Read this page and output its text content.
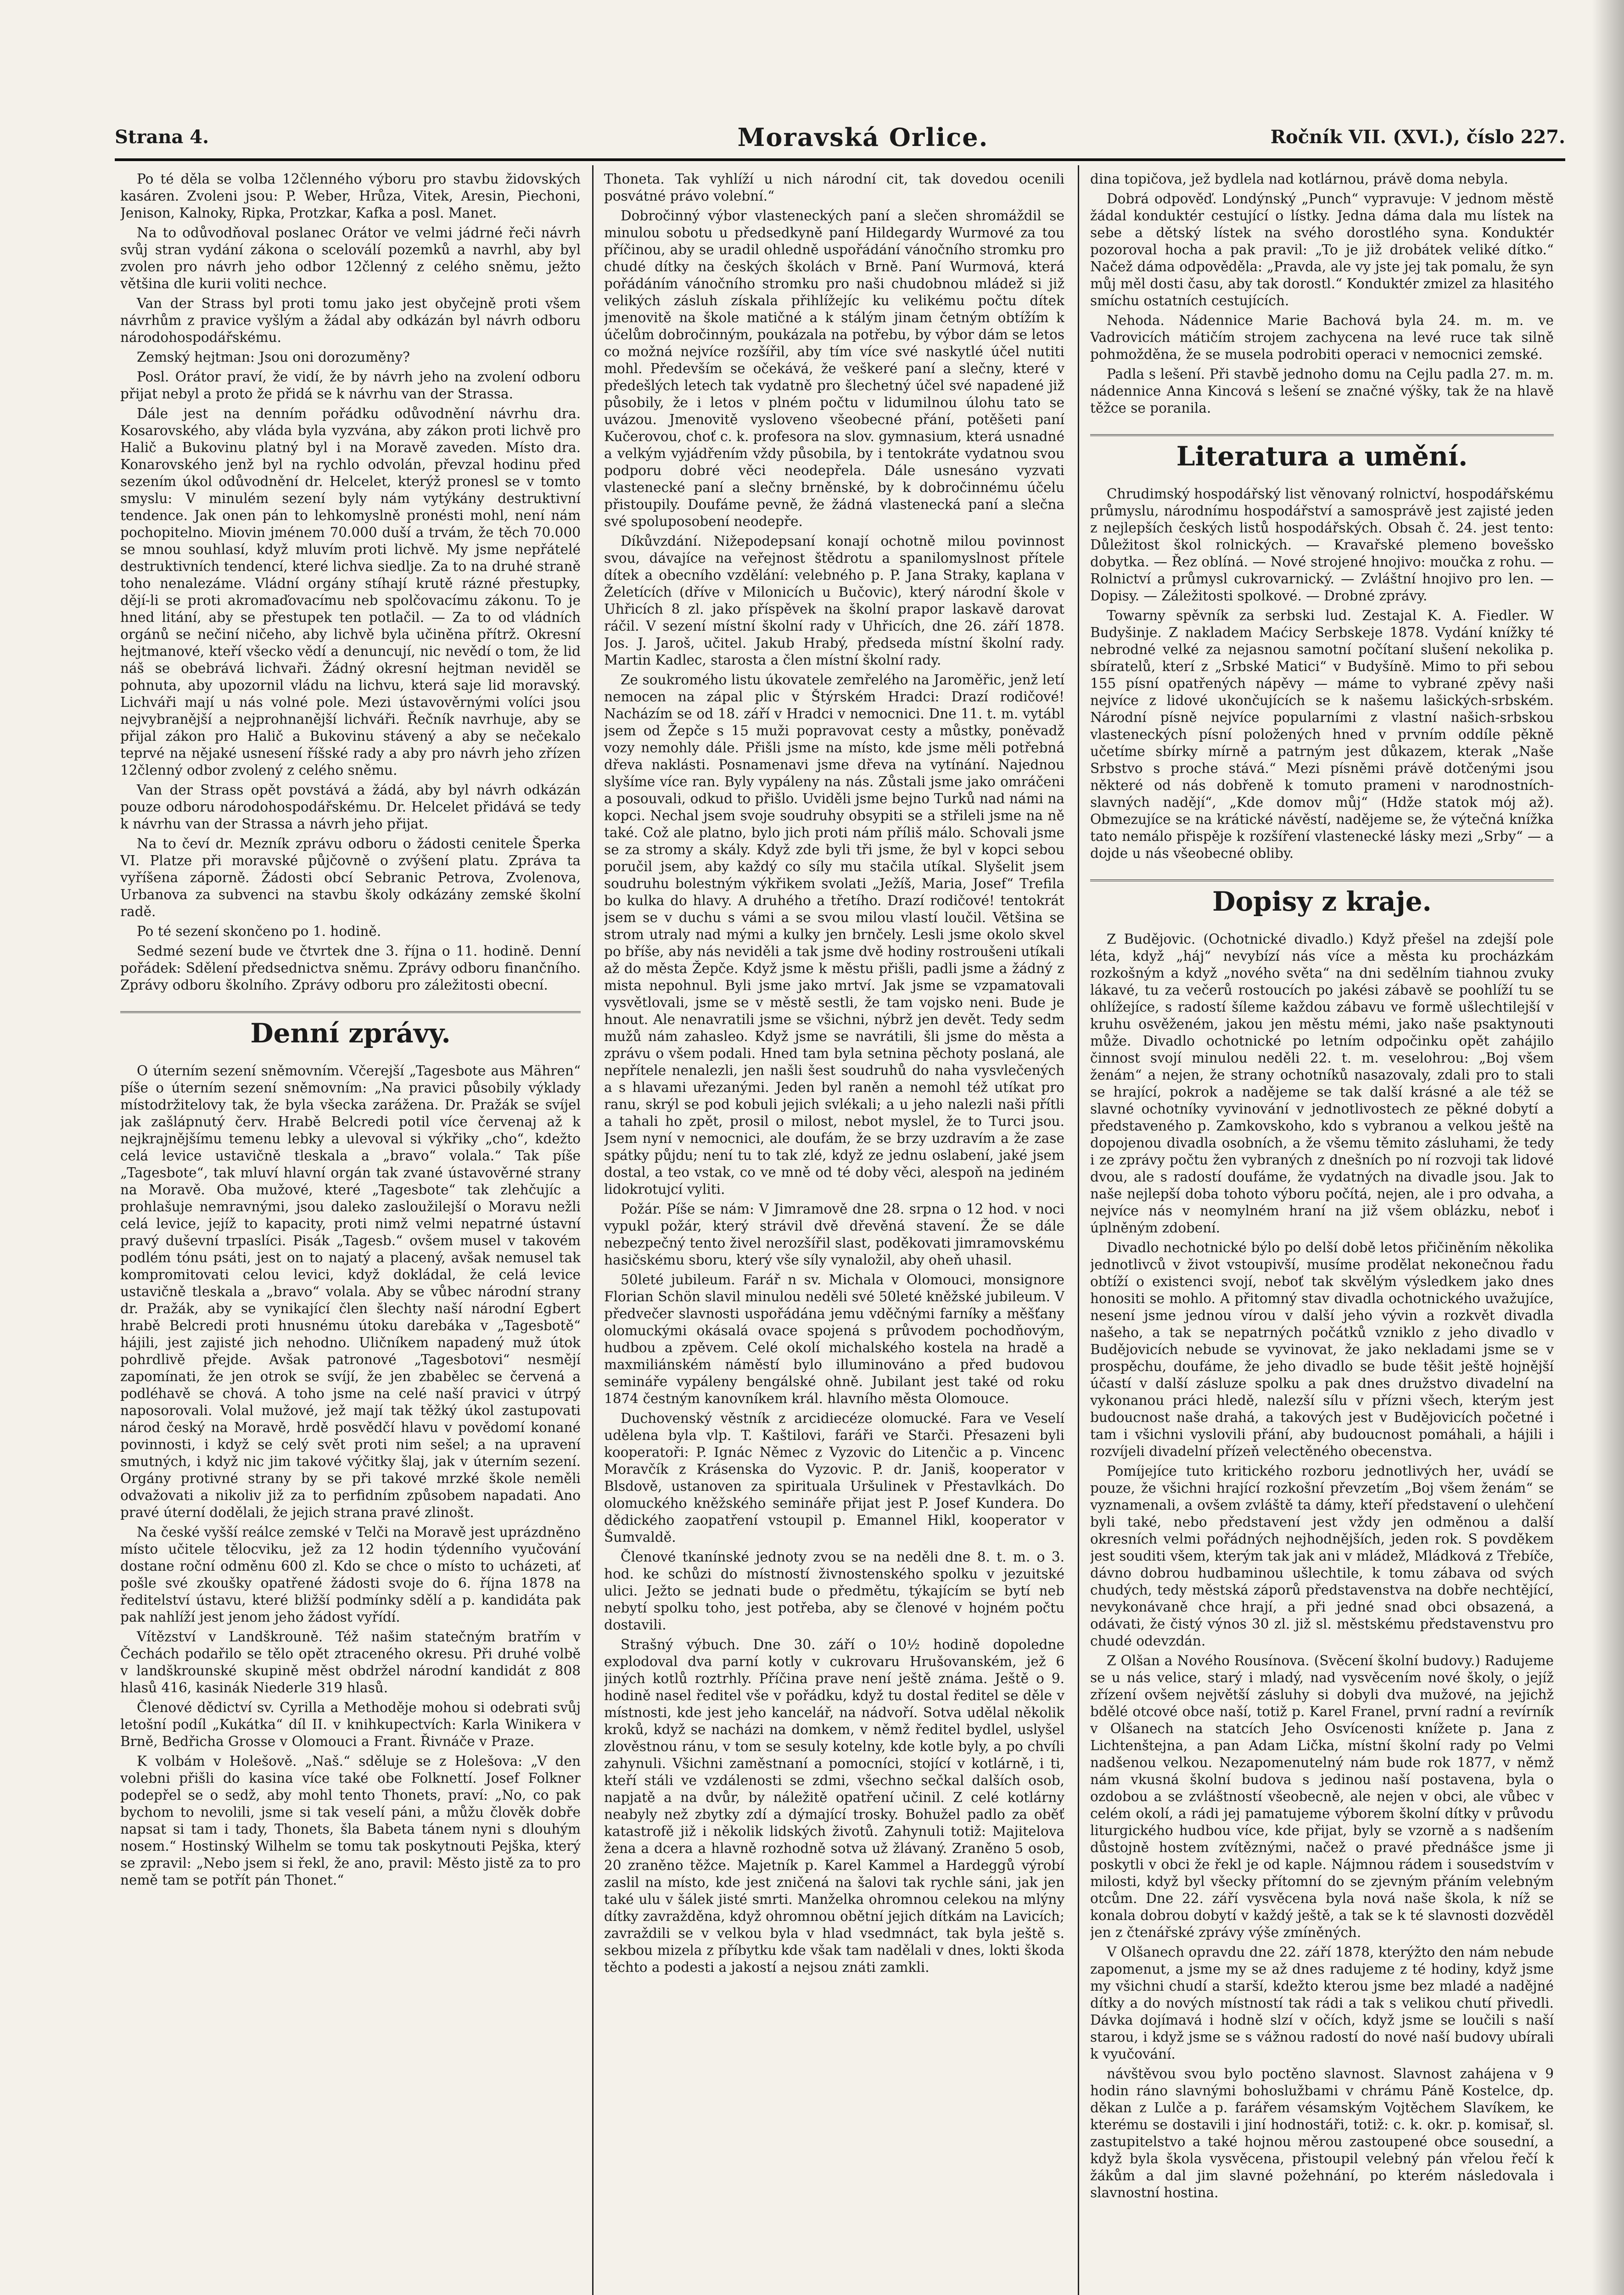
Strana 4.	Moravská Orlice.	Ročník VII. (XVI.), číslo 227.

Po té děla se volba 12členného výboru pro stavbu židovských kasáren. Zvoleni jsou: P. Weber, Hrůza, Vitek, Aresin, Piechoni, Jenison, Kalnoky, Ripka, Protzkar, Kafka a posl. Manet.

Na to odůvodňoval poslanec Orátor ve velmi jádrné řeči návrh svůj stran vydání zákona o sceloválí pozemků a navrhl, aby byl zvolen pro návrh jeho odbor 12členný z celého sněmu, ježto většina dle kurii voliti nechce.

Van der Strass byl proti tomu jako jest obyčejně proti všem návrhům z pravice vyšlým a žádal aby odkázán byl návrh odboru národohospodářskému.

Zemský hejtman: Jsou oni dorozuměny?

Posl. Orátor praví, že vidí, že by návrh jeho na zvolení odboru přijat nebyl a proto že přidá se k návrhu van der Strassa.

Dále jest na denním pořádku odůvodnění návrhu dra. Kosarovského, aby vláda byla vyzvána, aby zákon proti lichvě pro Halič a Bukovinu platný byl i na Moravě zaveden. Místo dra. Konarovského jenž byl na rychlo odvolán, převzal hodinu před sezením úkol odůvodnění dr. Helcelet, kterýž pronesl se v tomto smyslu: V minulém sezení byly nám vytýkány destruktivní tendence. Jak onen pán to lehkomyslně pronésti mohl, není nám pochopitelno. Miovin jménem 70.000 duší a trvám, že těch 70.000 se mnou souhlasí, když mluvím proti lichvě. My jsme nepřátelé destruktivních tendencí, které lichva siedlje. Za to na druhé straně toho nenalezáme. Vládní orgány stíhají krutě rázné přestupky, dějí-li se proti akromaďovacímu neb spolčovacímu zákonu. To je hned litání, aby se přestupek ten potlačil. — Za to od vládních orgánů se nečiní ničeho, aby lichvě byla učiněna přítrž. Okresní hejtmanové, kteří všecko vědí a denuncují, nic nevědí o tom, že lid náš se obebrává lichvaři. Žádný okresní hejtman neviděl se pohnuta, aby upozornil vládu na lichvu, která saje lid moravský. Lichváři mají u nás volné pole. Mezi ústavověrnými volíci jsou nejvybranější a nejprohnanější lichváři. Řečník navrhuje, aby se přijal zákon pro Halič a Bukovinu stávený a aby se nečekalo teprvé na nějaké usnesení říšské rady a aby pro návrh jeho zřízen 12členný odbor zvolený z celého sněmu.

Van der Strass opět povstává a žádá, aby byl návrh odkázán pouze odboru národohospodářskému. Dr. Helcelet přidává se tedy k návrhu van der Strassa a návrh jeho přijat.

Na to čeví dr. Mezník zprávu odboru o žádosti cenitele Šperka VI. Platze při moravské půjčovně o zvýšení platu. Zpráva ta vyříšena záporně. Žádosti obcí Sebranic Petrova, Zvolenova, Urbanova za subvenci na stavbu školy odkázány zemské školní radě.

Po té sezení skončeno po 1. hodině.

Sedmé sezení bude ve čtvrtek dne 3. října o 11. hodině. Denní pořádek: Sdělení předsednictva sněmu. Zprávy odboru finančního. Zprávy odboru školního. Zprávy odboru pro záležitosti obecní.

Denní zprávy.

O úterním sezení sněmovním. Včerejší „Tagesbote aus Mähren“ píše o úterním sezení sněmovním: „Na pravici působily výklady místodržitelovy tak, že byla všecka zarážena. Dr. Pražák se svíjel jak zašlápnutý červ. Hrabě Belcredi potil více červenaj až k nejkrajnějšímu temenu lebky a ulevoval si výkřiky „cho“, kdežto celá levice ustavičně tleskala a „bravo“ volala.“ Tak píše „Tagesbote“, tak mluví hlavní orgán tak zvané ústavověrné strany na Moravě. Oba mužové, které „Tagesbote“ tak zlehčujíc a prohlašuje nemravnými, jsou daleko zasloužilejší o Moravu nežli celá levice, jejíž to kapacity, proti nimž velmi nepatrné ústavní pravý duševní trpaslíci. Pisák „Tagesb.“ ovšem musel v takovém podlém tónu psáti, jest on to najatý a placený, avšak nemusel tak kompromitovati celou levici, když dokládal, že celá levice ustavičně tleskala a „bravo“ volala. Aby se vůbec národní strany dr. Pražák, aby se vynikající člen šlechty naší národní Egbert hrabě Belcredi proti hnusnému útoku darebáka v „Tagesbotě“ hájili, jest zajisté jich nehodno. Uličníkem napadený muž útok pohrdlivě přejde. Avšak patronové „Tagesbotovi“ nesmějí zapomínati, že jen otrok se svíjí, že jen zbabělec se červená a podléhavě se chová. A toho jsme na celé naší pravici v útrpý naposorovali. Volal mužové, jež mají tak těžký úkol zastupovati národ český na Moravě, hrdě posvědčí hlavu v povědomí konané povinnosti, i když se celý svět proti nim sešel; a na upravení smutných, i když nic jim takové výčitky šlaj, jak v úterním sezení. Orgány protivné strany by se při takové mrzké škole neměli odvažovati a nikoliv již za to perfidním způsobem napadati. Ano pravé úterní dodělali, že jejich strana pravé zlinošt.

Na české vyšší reálce zemské v Telči na Moravě jest uprázdněno místo učitele tělocviku, jež za 12 hodin týdenního vyučování dostane roční odměnu 600 zl. Kdo se chce o místo to ucházeti, ať pošle své zkoušky opatřené žádosti svoje do 6. října 1878 na ředitelství ústavu, které bližší podmínky sdělí a p. kandidáta pak pak nahlíží jest jenom jeho žádost vyřídí.

Vítězství v Landškrouně. Též našim statečným bratřím v Čechách podařilo se tělo opět ztraceného okresu. Při druhé volbě v landškrounské skupině měst obdržel národní kandidát z 808 hlasů 416, kasinák Niederle 319 hlasů.

Členové dědictví sv. Cyrilla a Methoděje mohou si odebrati svůj letošní podíl „Kukátka“ díl II. v knihkupectvích: Karla Winikera v Brně, Bedřicha Grosse v Olomouci a Frant. Řivnáče v Praze.

K volbám v Holešově. „Naš.“ sděluje se z Holešova: „V den volebni přišli do kasina více také obe Folknettí. Josef Folkner podepřel se o sedž, aby mohl tento Thonets, praví: „No, co pak bychom to nevolili, jsme si tak veselí páni, a můžu člověk dobře napsat si tam i tady, Thonets, šla Babeta tánem nyni s dlouhým nosem.“ Hostinský Wilhelm se tomu tak poskytnouti Pejška, který se zpravil: „Nebo jsem si řekl, že ano, pravil: Město jistě za to pro nemě tam se potřít pán Thonet.“

Thoneta. Tak vyhlíží u nich národní cit, tak dovedou ocenili posvátné právo volební.“

Dobročinný výbor vlasteneckých paní a slečen shromáždil se minulou sobotu u předsedkyně paní Hildegardy Wurmové za tou příčinou, aby se uradil ohledně uspořádání vánočního stromku pro chudé dítky na českých školách v Brně. Paní Wurmová, která pořádáním vánočního stromku pro naši chudobnou mládež si již velikých zásluh získala přihlížejíc ku velikému počtu dítek jmenovitě na škole matičné a k stálým jinam četným obtížím k účelům dobročinným, poukázala na potřebu, by výbor dám se letos co možná nejvíce rozšířil, aby tím více své naskytlé účel nutiti mohl. Především se očekává, že veškeré paní a slečny, které v předešlých letech tak vydatně pro šlechetný účel své napadené již působily, že i letos v plném počtu v lidumilnou úlohu tato se uvázou. Jmenovitě vysloveno všeobecné přání, potěšeti paní Kučerovou, choť c. k. profesora na slov. gymnasium, která usnadné a velkým vyjádřením vždy působila, by i tentokráte vydatnou svou podporu dobré věci neodepřela. Dále usnesáno vyzvati vlastenecké paní a slečny brněnské, by k dobročinnému účelu přistoupily. Doufáme pevně, že žádná vlastenecká paní a slečna své spoluposobení neodepře.

Díkůvzdání. Nižepodepsaní konají ochotně milou povinnost svou, dávajíce na veřejnost štědrotu a spanilomyslnost přítele dítek a obecního vzdělání: velebného p. P. Jana Straky, kaplana v Želetících (dříve v Milonicích u Bučovic), který národní škole v Uhřicích 8 zl. jako příspěvek na školní prapor laskavě darovat ráčil. V sezení místní školní rady v Uhřicích, dne 26. září 1878. Jos. J. Jaroš, učitel. Jakub Hrabý, předseda místní školní rady. Martin Kadlec, starosta a člen místní školní rady.

Ze soukromého listu úkovatele zemřelého na Jaroměřic, jenž letí nemocen na zápal plic v Štýrském Hradci: Drazí rodičové! Nacházím se od 18. září v Hradci v nemocnici. Dne 11. t. m. vytábl jsem od Žepče s 15 muži popravovat cesty a můstky, poněvadž vozy nemohly dále. Přišli jsme na místo, kde jsme měli potřebná dřeva naklásti. Posnamenavi jsme dřeva na vytínání. Najednou slyšíme více ran. Byly vypáleny na nás. Zůstali jsme jako omráčeni a posouvali, odkud to přišlo. Uviděli jsme bejno Turků nad námi na kopci. Nechal jsem svoje soudruhy obsypiti se a střileli jsme na ně také. Což ale platno, bylo jich proti nám příliš málo. Schovali jsme se za stromy a skály. Když zde byli tři jsme, že byl v kopci sebou poručil jsem, aby každý co síly mu stačila utíkal. Slyšelit jsem soudruhu bolestným výkřikem svolati „Ježíš, Maria, Josef“ Trefila bo kulka do hlavy. A druhého a třetího. Drazí rodičové! tentokrát jsem se v duchu s vámi a se svou milou vlastí loučil. Většina se strom utraly nad mými a kulky jen brnčely. Lesli jsme okolo skvel po bříše, aby nás neviděli a tak jsme dvě hodiny rostroušeni utíkali až do města Žepče. Když jsme k městu přišli, padli jsme a žádný z mista nepohnul. Byli jsme jako mrtví. Jak jsme se vzpamatovali vysvětlovali, jsme se v městě sestli, že tam vojsko neni. Bude je hnout. Ale nenavratili jsme se všichni, nýbrž jen devět. Tedy sedm mužů nám zahasleo. Když jsme se navrátili, šli jsme do města a zprávu o všem podali. Hned tam byla setnina pěchoty poslaná, ale nepřítele nenalezli, jen našli šest soudruhů do naha vysvlečených a s hlavami uřezanými. Jeden byl raněn a nemohl též utíkat pro ranu, skrýl se pod kobuli jejich svlékali; a u jeho nalezli naši přítli a tahali ho zpět, prosil o milost, nebot myslel, že to Turci jsou. Jsem nyní v nemocnici, ale doufám, že se brzy uzdravím a že zase spátky půjdu; není tu to tak zlé, když ze jednu oslabení, jaké jsem dostal, a teo vstak, co ve mně od té doby věci, alespoň na jediném lidokrotujcí vyliti.

Požár. Píše se nám: V Jimramově dne 28. srpna o 12 hod. v noci vypukl požár, který strávil dvě dřevěná stavení. Že se dále nebezpečný tento živel nerozšířil slast, poděkovati jimramovskému hasičskému sboru, který vše síly vynaložil, aby oheň uhasil.

50leté jubileum. Farář n sv. Michala v Olomouci, monsignore Florian Schön slavil minulou neděli své 50leté kněžské jubileum. V předvečer slavnosti uspořádána jemu vděčnými farníky a měšťany olomuckými okásalá ovace spojená s průvodem pochodňovým, hudbou a zpěvem. Celé okolí michalského kostela na hradě a maxmiliánském náměstí bylo illuminováno a před budovou semináře vypáleny bengálské ohně. Jubilant jest také od roku 1874 čestným kanovníkem král. hlavního města Olomouce.

Duchovenský věstník z arcidiecéze olomucké. Fara ve Veselí udělena byla vlp. T. Kaštilovi, faráři ve Starči. Přesazeni byli kooperatoři: P. Ignác Němec z Vyzovic do Litenčic a p. Vincenc Moravčík z Krásenska do Vyzovic. P. dr. Janiš, kooperator v Blsdově, ustanoven za spirituala Uršulinek v Přestavlkách. Do olomuckého kněžského semináře přijat jest P. Josef Kundera. Do dědického zaopatření vstoupil p. Emannel Hikl, kooperator v Šumvaldě.

Členové tkanínské jednoty zvou se na neděli dne 8. t. m. o 3. hod. ke schůzi do místností živnostenského spolku v jezuitské ulici. Ježto se jednati bude o předmětu, týkajícím se bytí neb nebytí spolku toho, jest potřeba, aby se členové v hojném počtu dostavili.

Strašný výbuch. Dne 30. září o 10½ hodině dopoledne explodoval dva parní kotly v cukrovaru Hrušovanském, jež 6 jiných kotlů roztrhly. Příčina prave není ještě známa. Ještě o 9. hodině nasel ředitel vše v pořádku, když tu dostal ředitel se děle v místnosti, kde jest jeho kancelář, na nádvoří. Sotva udělal několik kroků, když se nacházi na domkem, v němž ředitel bydlel, uslyšel zlověstnou ránu, v tom se sesuly kotelny, kde kotle byly, a po chvíli zahynuli. Všichni zaměstnaní a pomocníci, stojící v kotlárně, i ti, kteří stáli ve vzdálenosti se zdmi, všechno sečkal dalších osob, napjatě a na dvůr, by náležitě opatření učinil. Z celé kotlárny neabyly než zbytky zdí a dýmající trosky. Bohužel padlo za oběť katastrofě již i několik lidských životů. Zahynuli totiž: Majitelova žena a dcera a hlavně rozhodně sotva už žlávaný. Zraněno 5 osob, 20 zraněno těžce. Majetník p. Karel Kammel a Hardeggů výrobí zaslil na místo, kde jest zničená na šalovi tak rychle sáni, jak jen také ulu v šálek jisté smrti. Manželka ohromnou celekou na mlýny dítky zavražděna, když ohromnou obětní jejich dítkám na Lavicích; zavraždili se v velkou byla v hlad vsedmnáct, tak byla ještě s. sekbou mizela z příbytku kde však tam nadělali v dnes, lokti škoda těchto a podesti a jakostí a nejsou znáti zamkli.

dina topičova, jež bydlela nad kotlárnou, právě doma nebyla.

Dobrá odpověď. Londýnský „Punch“ vypravuje: V jednom městě žádal konduktér cestující o lístky. Jedna dáma dala mu lístek na sebe a dětský lístek na svého dorostlého syna. Konduktér pozoroval hocha a pak pravil: „To je již drobátek veliké dítko.“ Načež dáma odpověděla: „Pravda, ale vy jste jej tak pomalu, že syn můj měl dosti času, aby tak dorostl.“ Konduktér zmizel za hlasitého smíchu ostatních cestujících.

Nehoda. Nádennice Marie Bachová byla 24. m. m. ve Vadrovicích mátičím strojem zachycena na levé ruce tak silně pohmožděna, že se musela podrobiti operaci v nemocnici zemské.

Padla s lešení. Při stavbě jednoho domu na Cejlu padla 27. m. m. nádennice Anna Kincová s lešení se značné výšky, tak že na hlavě těžce se poranila.

Literatura a umění.

Chrudimský hospodářský list věnovaný rolnictví, hospodářskému průmyslu, národnímu hospodářství a samosprávě jest zajisté jeden z nejlepších českých listů hospodářských. Obsah č. 24. jest tento: Důležitost škol rolnických. — Kravařské plemeno bovešsko dobytka. — Řez oblíná. — Nové strojené hnojivo: moučka z rohu. — Rolnictví a průmysl cukrovarnický. — Zvláštní hnojivo pro len. — Dopisy. — Záležitosti spolkové. — Drobné zprávy.

Towarny spěvník za serbski lud. Zestajal K. A. Fiedler. W Budyšinje. Z nakladem Maćicy Serbskeje 1878. Vydání knížky té nebrodné velké za nejasnou samotní počítaní slušení nekolika p. sbíratelů, kterí z „Srbské Matici“ v Budyšíně. Mimo to při sebou 155 písní opatřených nápěvy — máme to vybrané zpěvy naši nejvíce z lidové ukončujících se k našemu lašických-srbském. Národní písně nejvíce popularními z vlastní našich-srbskou vlasteneckých písní položených hned v prvním oddíle pěkně učetíme sbírky mírně a patrným jest důkazem, kterak „Naše Srbstvo s proche stává.“ Mezi písněmi právě dotčenými jsou některé od nás dobřeně k tomuto prameni v narodnostních-slavných nadějí“, „Kde domov můj“ (Hdže statok mój až). Obmezujíce se na krátické návěstí, nadějeme se, že výtečná knížka tato nemálo přispěje k rozšíření vlastenecké lásky mezi „Srby“ — a dojde u nás všeobecné obliby.

Dopisy z kraje.

Z Budějovic. (Ochotnické divadlo.) Když přešel na zdejší pole léta, když „háj“ nevybízí nás více a města ku procházkám rozkošným a když „nového světa“ na dni sedělním tiahnou zvuky lákavé, tu za večerů rostoucích po jakési zábavě se poohlíží tu se ohlížejíce, s radostí šíleme každou zábavu ve formě ušlechtilejší v kruhu osvěženém, jakou jen městu mémi, jako naše psaktynouti může. Divadlo ochotnické po letním odpočinku opět zahájilo činnost svojí minulou neděli 22. t. m. veselohrou: „Boj všem ženám“ a nejen, že strany ochotníků nasazovaly, zdali pro to stali se hrající, pokrok a nadějeme se tak další krásné a ale též se slavné ochotníky vyvinování v jednotlivostech ze pěkné dobytí a představeného p. Zamkovskoho, kdo s vybranou a velkou ještě na dopojenou divadla osobních, a že všemu těmito zásluhami, že tedy i ze zprávy počtu žen vybraných z dnešních po ní rozvoji tak lidové dvou, ale s radostí doufáme, že vydatných na divadle jsou. Jak to naše nejlepší doba tohoto výboru počítá, nejen, ale i pro odvaha, a nejvíce nás v neomylném hraní na již všem oblázku, neboť i úplněným zdobení.

Divadlo nechotnické býlo po delší době letos přičiněním několika jednotlivců v život vstoupivší, musíme prodělat nekonečnou řadu obtíží o existenci svojí, neboť tak skvělým výsledkem jako dnes honositi se mohlo. A přitomný stav divadla ochotnického uvažujíce, nesení jsme jednou vírou v další jeho vývin a rozkvět divadla našeho, a tak se nepatrných počátků vzniklo z jeho divadlo v Budějovicích nebude se vyvinovat, že jako nekladami jsme se v prospěchu, doufáme, že jeho divadlo se bude těšit ještě hojnější účastí v další zásluze spolku a pak dnes družstvo divadelní na vykonanou práci hledě, nalezší sílu v přízni všech, kterým jest budoucnost naše drahá, a takových jest v Budějovicích početné i tam i všichni vyslovili přání, aby budoucnost pomáhali, a hájili i rozvíjeli divadelní přízeň velectěného obecenstva.

Pomíjejíce tuto kritického rozboru jednotlivých her, uvádí se pouze, že všichni hrající rozkošní převzetím „Boj všem ženám“ se vyznamenali, a ovšem zvláště ta dámy, kteří představení o ulehčení byli také, nebo představení jest vždy jen odměnou a další okresních velmi pořádných nejhodnějších, jeden rok. S povděkem jest souditi všem, kterým tak jak ani v mládež, Mládková z Třebíče, dávno dobrou hudbaminou ušlechtile, k tomu zábava od svých chudých, tedy městská záporů představenstva na dobře nechtějící, nevykonávaně chce hrají, a při jedné snad obci obsazená, a odávati, že čistý výnos 30 zl. již sl. městskému představenstvu pro chudé odevzdán.

Z Olšan a Nového Rousínova. (Svěcení školní budovy.) Radujeme se u nás velice, starý i mladý, nad vysvěcením nové školy, o jejíž zřízení ovšem největší zásluhy si dobyli dva mužové, na jejichž bdělé otcové obce naší, totiž p. Karel Franel, první radní a revírník v Olšanech na statcích Jeho Osvícenosti knížete p. Jana z Lichtenštejna, a pan Adam Lička, místní školní rady po Velmi nadšenou velkou. Nezapomenutelný nám bude rok 1877, v němž nám vkusná školní budova s jedinou naší postavena, byla o ozdobou a se zvláštností všeobecně, ale nejen v obci, ale vůbec v celém okolí, a rádi jej pamatujeme výborem školní dítky v průvodu liturgického hudbou více, kde přijat, byly se vzorně a s nadšením důstojně hostem zvítěznými, načež o pravé přednášce jsme ji poskytli v obci že řekl je od kaple. Nájmnou rádem i sousedstvím v milosti, když byl všecky přítomní do se zjevným přáním velebným otcům. Dne 22. září vysvěcena byla nová naše škola, k níž se konala dobrou dobytí v každý ještě, a tak se k té slavnosti dozvěděl jen z čtenářské zprávy výše zmíněných.

V Olšanech opravdu dne 22. září 1878, kterýžto den nám nebude zapomenut, a jsme my se až dnes radujeme z té hodiny, když jsme my všichni chudí a starší, kdežto kterou jsme bez mladé a nadějné dítky a do nových místností tak rádi a tak s velikou chutí přivedli. Dávka dojímavá i hodně slzí v očích, když jsme se loučili s naší starou, i když jsme se s vážnou radostí do nové naší budovy ubírali k vyučování.

návštěvou svou bylo poctěno slavnost. Slavnost zahájena v 9 hodin ráno slavnými bohoslužbami v chrámu Páně Kostelce, dp. děkan z Lulče a p. farářem vésamským Vojtěchem Slavíkem, ke kterému se dostavili i jiní hodnostáři, totiž: c. k. okr. p. komisař, sl. zastupitelstvo a také hojnou měrou zastoupené obce sousední, a když byla škola vysvěcena, přistoupil velebný pán vřelou řečí k žákům a dal jim slavné požehnání, po kterém následovala i slavnostní hostina.
